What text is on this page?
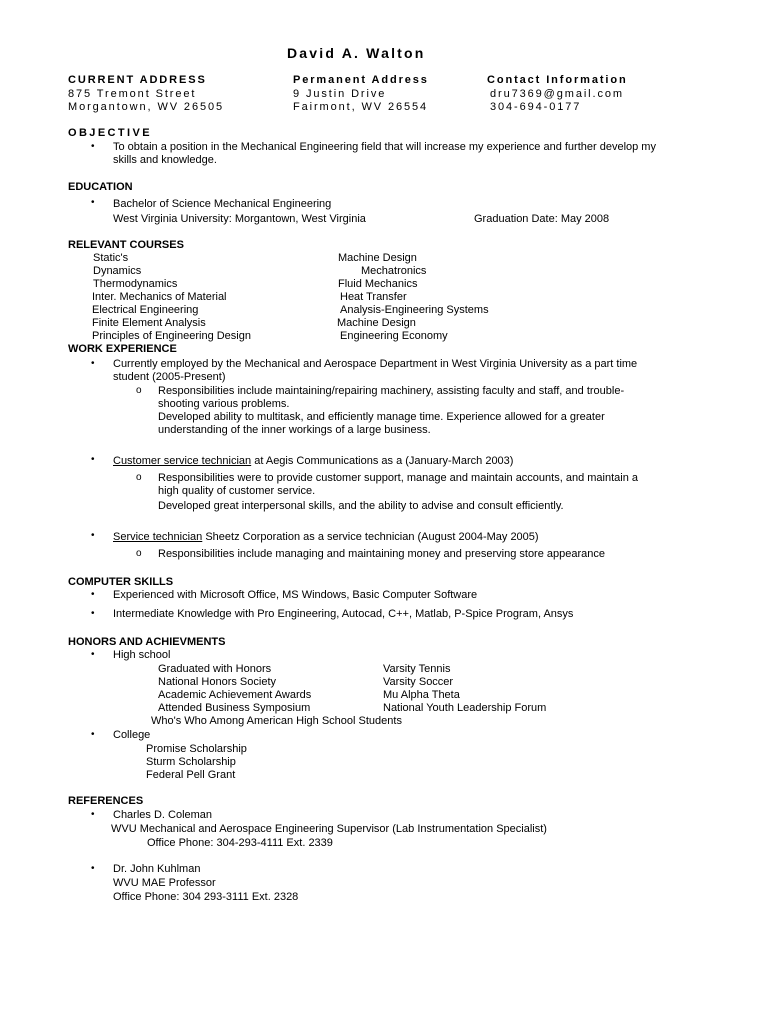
David A. Walton
CURRENT ADDRESS
875 Tremont Street
Morgantown, WV 26505
Permanent Address
9 Justin Drive
Fairmont, WV 26554
Contact Information
dru7369@gmail.com
304-694-0177
OBJECTIVE
• To obtain a position in the Mechanical Engineering field that will increase my experience and further develop my skills and knowledge.
EDUCATION
• Bachelor of Science Mechanical Engineering
West Virginia University: Morgantown, West Virginia	Graduation Date: May 2008
RELEVANT COURSES
Static's
Dynamics
Thermodynamics
Inter. Mechanics of Material
Electrical Engineering
Finite Element Analysis
Principles of Engineering Design
Machine Design
Mechatronics
Fluid Mechanics
Heat Transfer
Analysis-Engineering Systems
Machine Design
Engineering Economy
WORK EXPERIENCE
• Currently employed by the Mechanical and Aerospace Department in West Virginia University as a part time student (2005-Present)
o Responsibilities include maintaining/repairing machinery, assisting faculty and staff, and trouble-shooting various problems.
Developed ability to multitask, and efficiently manage time. Experience allowed for a greater understanding of the inner workings of a large business.
• Customer service technician at Aegis Communications as a (January-March 2003)
o Responsibilities were to provide customer support, manage and maintain accounts, and maintain a high quality of customer service.
Developed great interpersonal skills, and the ability to advise and consult efficiently.
• Service technician Sheetz Corporation as a service technician (August 2004-May 2005)
o Responsibilities include managing and maintaining money and preserving store appearance
COMPUTER SKILLS
• Experienced with Microsoft Office, MS Windows, Basic Computer Software
• Intermediate Knowledge with Pro Engineering, Autocad, C++, Matlab, P-Spice Program, Ansys
HONORS AND ACHIEVMENTS
• High school
Graduated with Honors
National Honors Society
Academic Achievement Awards
Attended Business Symposium
Varsity Tennis
Varsity Soccer
Mu Alpha Theta
National Youth Leadership Forum
Who's Who Among American High School Students
• College
Promise Scholarship
Sturm Scholarship
Federal Pell Grant
REFERENCES
• Charles D. Coleman
WVU Mechanical and Aerospace Engineering Supervisor (Lab Instrumentation Specialist)
Office Phone: 304-293-4111 Ext. 2339
• Dr. John Kuhlman
WVU MAE Professor
Office Phone: 304 293-3111 Ext. 2328
